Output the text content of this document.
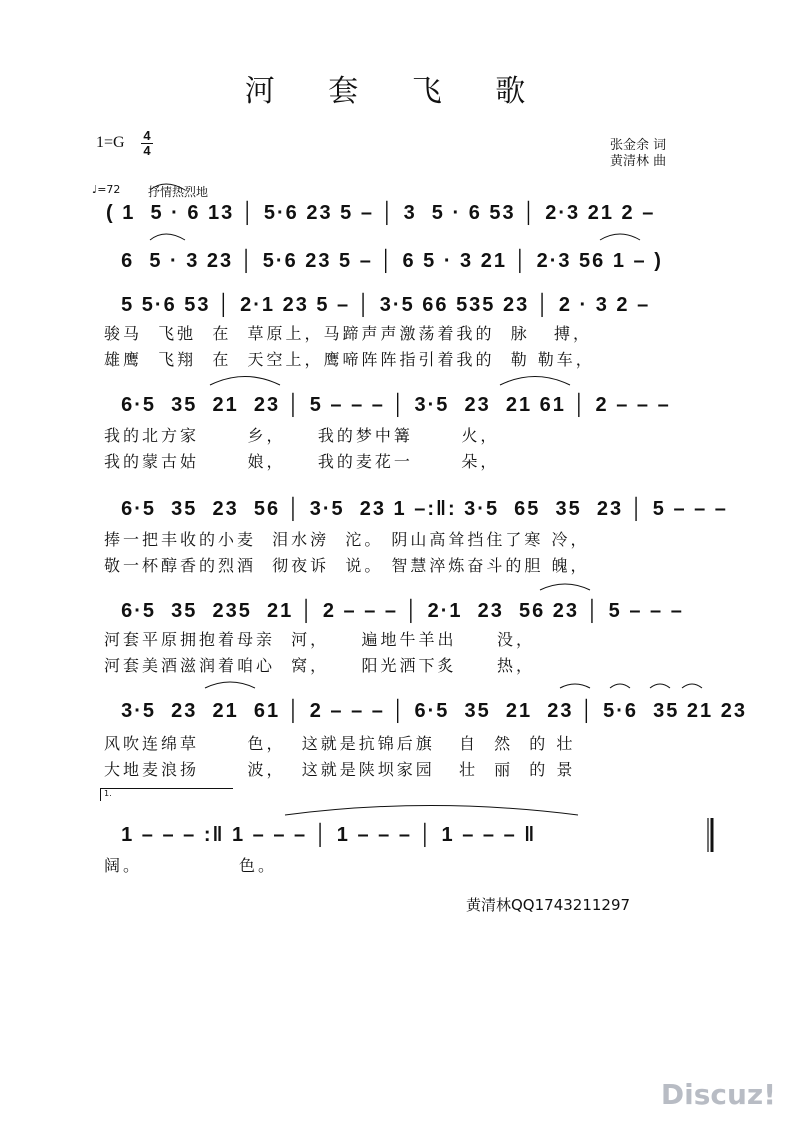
河 套 飞 歌
1=G 4
4	张金余 词
黄清林 曲
♩=72 抒情热烈地
( 1  5 · 6 13 │ 5·6 23 5 – │ 3  5 · 6 53 │ 2·3 21 2 –
6  5 · 3 23 │ 5·6 23 5 – │ 6 5 · 3 21 │ 2·3 56 1 – )
5 5·6 53 │ 2·1 23 5 – │ 3·5 66 535 23 │ 2 · 3 2 –
骏马  飞弛  在  草原上，马蹄声声激荡着我的  脉   搏，
雄鹰  飞翔  在  天空上，鹰啼阵阵指引着我的  勒 勒车，
6·5  35  21  23 │ 5 – – – │ 3·5  23  21 61 │ 2 – – –
我的北方家      乡，    我的梦中篝      火，
我的蒙古姑      娘，    我的麦花一      朵，
6·5  35  23  56 │ 3·5  23 1 –:‖: 3·5  65  35  23 │ 5 – – –
捧一把丰收的小麦  泪水滂  沱。 阴山高耸挡住了寒 冷，
敬一杯醇香的烈酒  彻夜诉  说。 智慧淬炼奋斗的胆 魄，
6·5  35  235  21 │ 2 – – – │ 2·1  23  56 23 │ 5 – – –
河套平原拥抱着母亲  河，    遍地牛羊出     没，
河套美酒滋润着咱心  窝，    阳光洒下炙     热，
3·5  23  21  61 │ 2 – – – │ 6·5  35  21  23 │ 5·6  35 21 23
风吹连绵草      色，  这就是抗锦后旗   自  然  的 壮
大地麦浪扬      波，  这就是陕坝家园   壮  丽  的 景
1.
1 – – – :‖ 1 – – – │ 1 – – – │ 1 – – – ‖
阔。            色。
黄清林QQ1743211297
Discuz!
